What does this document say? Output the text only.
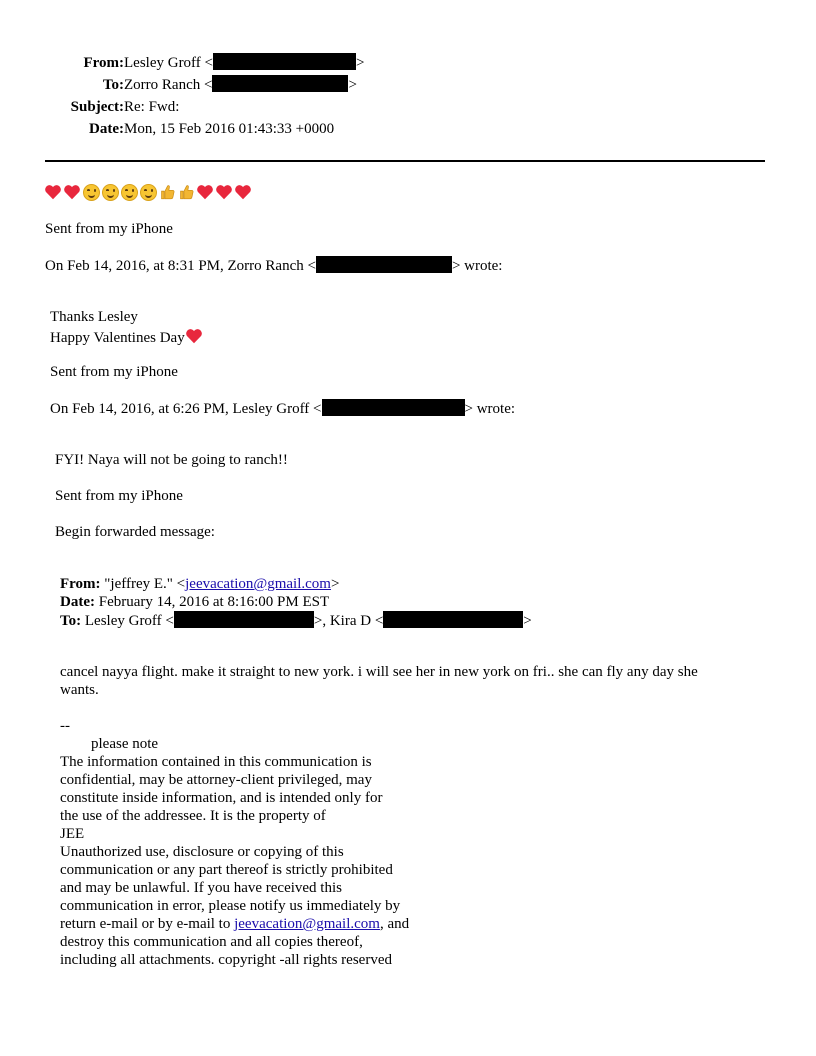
From: Lesley Groff <	>
To: Zorro Ranch <	>
Subject: Re: Fwd:
Date: Mon, 15 Feb 2016 01:43:33 +0000
Sent from my iPhone
On Feb 14, 2016, at 8:31 PM, Zorro Ranch <	> wrote:
Thanks Lesley
Happy Valentines Day
Sent from my iPhone
On Feb 14, 2016, at 6:26 PM, Lesley Groff <	> wrote:
FYI! Naya will not be going to ranch!!
Sent from my iPhone
Begin forwarded message:
From: "jeffrey E." <jeevacation@gmail.com>
Date: February 14, 2016 at 8:16:00 PM EST
To: Lesley Groff <	>, Kira D <	>
cancel nayya flight. make it straight to new york. i will see her in new york on fri.. she can fly any day she
wants.
--
please note
The information contained in this communication is
confidential, may be attorney-client privileged, may
constitute inside information, and is intended only for
the use of the addressee. It is the property of
JEE
Unauthorized use, disclosure or copying of this
communication or any part thereof is strictly prohibited
and may be unlawful. If you have received this
communication in error, please notify us immediately by
return e-mail or by e-mail to jeevacation@gmail.com, and
destroy this communication and all copies thereof,
including all attachments. copyright -all rights reserved
